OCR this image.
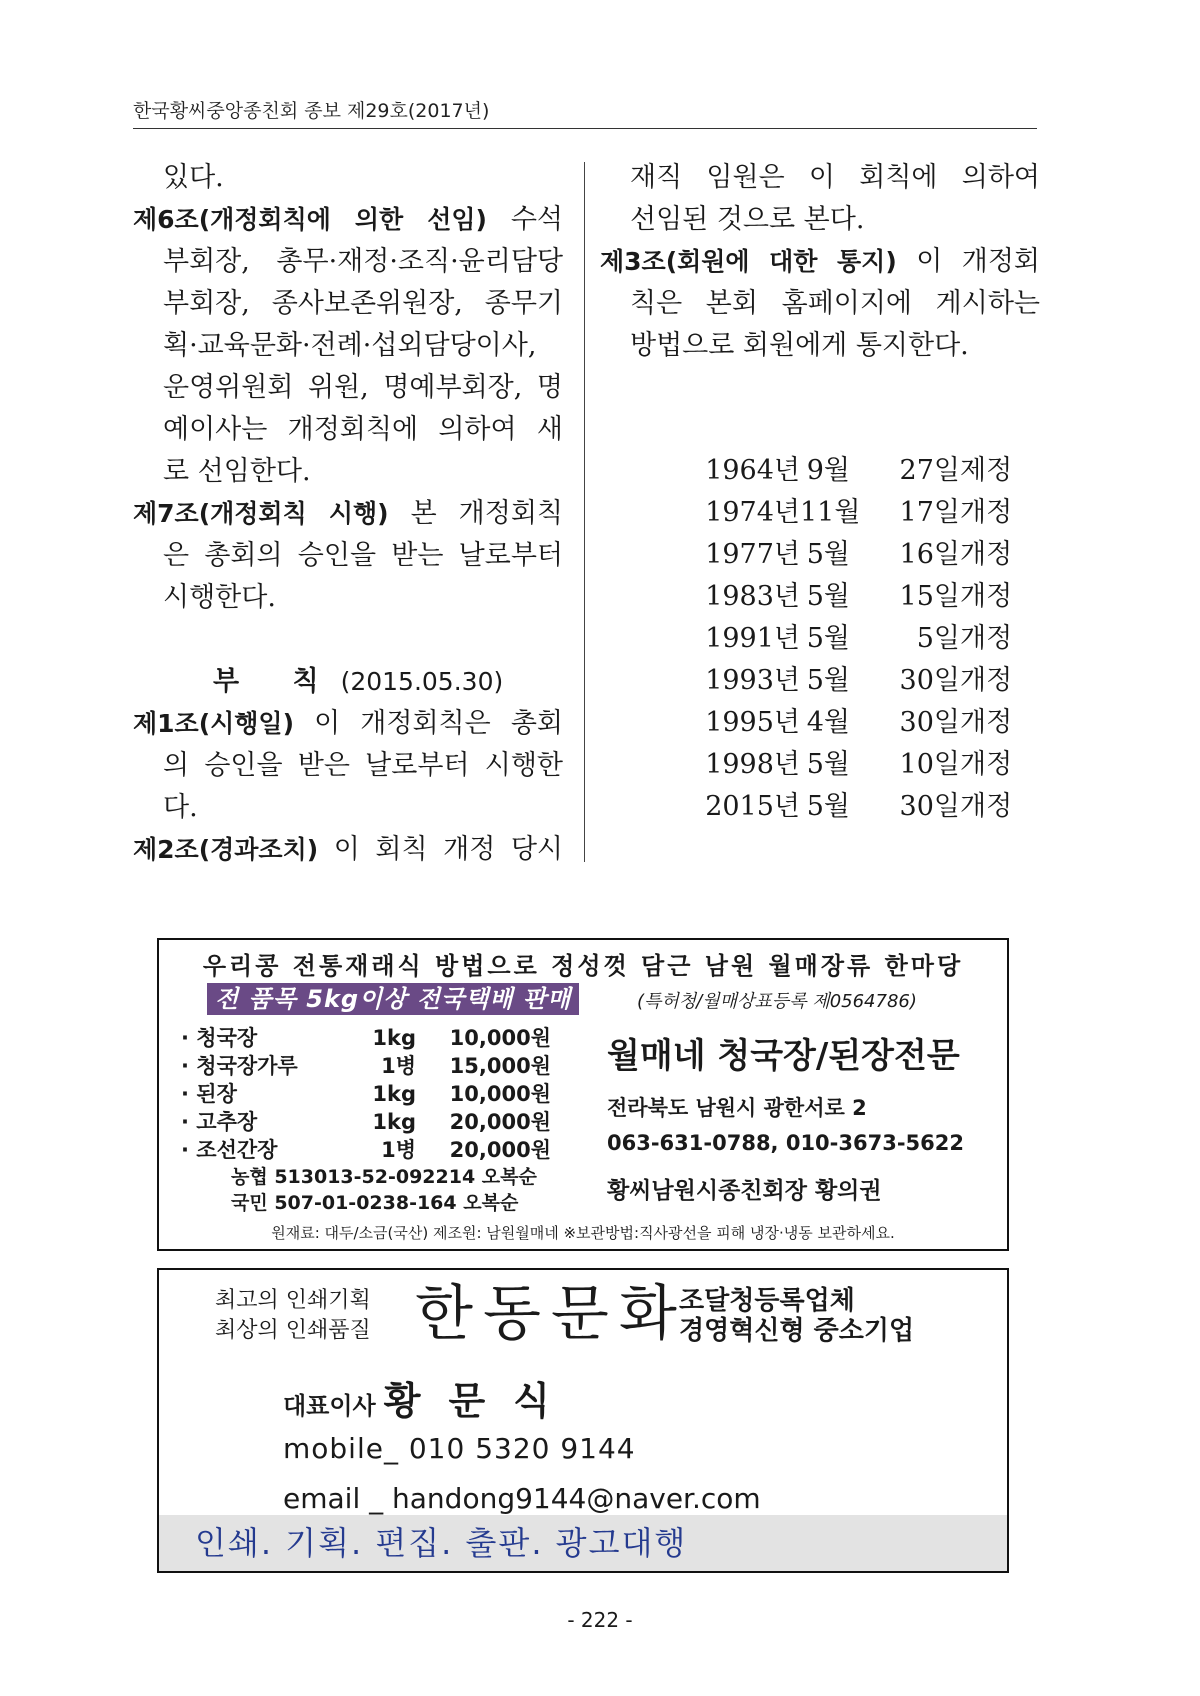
한국황씨중앙종친회 종보 제29호(2017년)
있다.
제6조(개정회칙에 의한 선임) 수석
부회장, 총무·재정·조직·윤리담당
부회장, 종사보존위원장, 종무기
획·교육문화·전례·섭외담당이사,
운영위원회 위원, 명예부회장, 명
예이사는 개정회칙에 의하여 새
로 선임한다.
제7조(개정회칙 시행) 본 개정회칙
은 총회의 승인을 받는 날로부터
시행한다.
부 칙(2015.05.30)
제1조(시행일) 이 개정회칙은 총회
의 승인을 받은 날로부터 시행한
다.
제2조(경과조치) 이 회칙 개정 당시
재직 임원은 이 회칙에 의하여
선임된 것으로 본다.
제3조(회원에 대한 통지) 이 개정회
칙은 본회 홈페이지에 게시하는
방법으로 회원에게 통지한다.
1964년 9월	27일 제정
1974년 11월	17일 개정
1977년 5월	16일 개정
1983년 5월	15일 개정
1991년 5월	5일 개정
1993년 5월	30일 개정
1995년 4월	30일 개정
1998년 5월	10일 개정
2015년 5월	30일 개정
우리콩 전통재래식 방법으로 정성껏 담근 남원 월매장류 한마당
전 품목 5kg이상 전국택배 판매	(특허청/월매상표등록 제0564786)
· 청국장	1kg	10,000원
· 청국장가루	1병	15,000원
· 된장	1kg	10,000원
· 고추장	1kg	20,000원
· 조선간장	1병	20,000원
농협 513013-52-092214 오복순
국민 507-01-0238-164 오복순
월매네 청국장/된장전문
전라북도 남원시 광한서로 2
063-631-0788, 010-3673-5622
황씨남원시종친회장 황의권
원재료: 대두/소금(국산) 제조원: 남원월매네 ※보관방법:직사광선을 피해 냉장·냉동 보관하세요.
최고의 인쇄기획
최상의 인쇄품질 한동문화
조달청등록업체
경영혁신형 중소기업
대표이사 황문식
mobile_ 010 5320 9144
email _ handong9144@naver.com
인쇄. 기획. 편집. 출판. 광고대행
- 222 -
